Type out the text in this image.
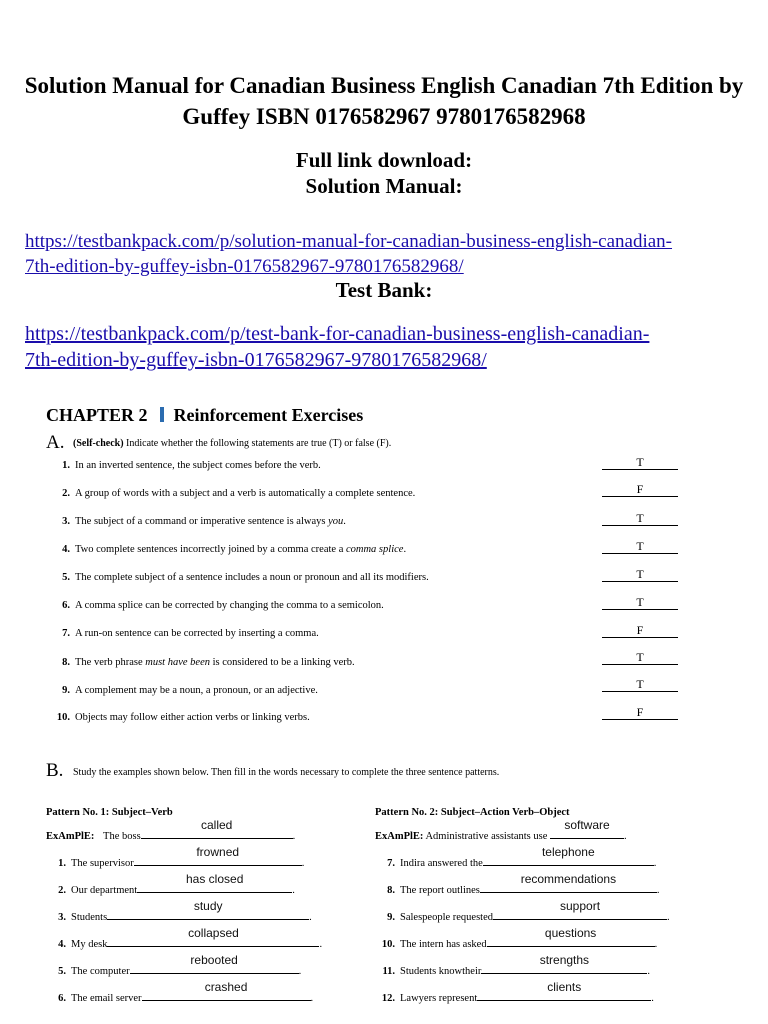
Solution Manual for Canadian Business English Canadian 7th Edition by Guffey ISBN 0176582967 9780176582968
Full link download:
Solution Manual:
https://testbankpack.com/p/solution-manual-for-canadian-business-english-canadian-
7th-edition-by-guffey-isbn-0176582967-9780176582968/
Test Bank:
https://testbankpack.com/p/test-bank-for-canadian-business-english-canadian-
7th-edition-by-guffey-isbn-0176582967-9780176582968/
CHAPTER 2 Reinforcement Exercises
A. (Self-check) Indicate whether the following statements are true (T) or false (F).
1. In an inverted sentence, the subject comes before the verb.	T
2. A group of words with a subject and a verb is automatically a complete sentence.	F
3. The subject of a command or imperative sentence is always you.	T
4. Two complete sentences incorrectly joined by a comma create a comma splice.	T
5. The complete subject of a sentence includes a noun or pronoun and all its modifiers.	T
6. A comma splice can be corrected by changing the comma to a semicolon.	T
7. A run-on sentence can be corrected by inserting a comma.	F
8. The verb phrase must have been is considered to be a linking verb.	T
9. A complement may be a noun, a pronoun, or an adjective.	T
10. Objects may follow either action verbs or linking verbs.	F
B. Study the examples shown below. Then fill in the words necessary to complete the three sentence patterns.
Pattern No. 1: Subject–Verb
ExAmPlE: The boss
called
.
Pattern No. 2: Subject–Action Verb–Object
ExAmPlE: Administrative assistants use
software
.
1. The supervisor
frowned
.
2. Our department
has closed
.
3. Students
study
.
4. My desk
collapsed
.
5. The computer
rebooted
.
6. The email server
crashed
.
7. Indira answered the
telephone
.
8. The report outlines
recommendations
.
9. Salespeople requested
support
.
10. The intern has asked
questions
.
11. Students knowtheir
strengths
.
12. Lawyers represent
clients
.
